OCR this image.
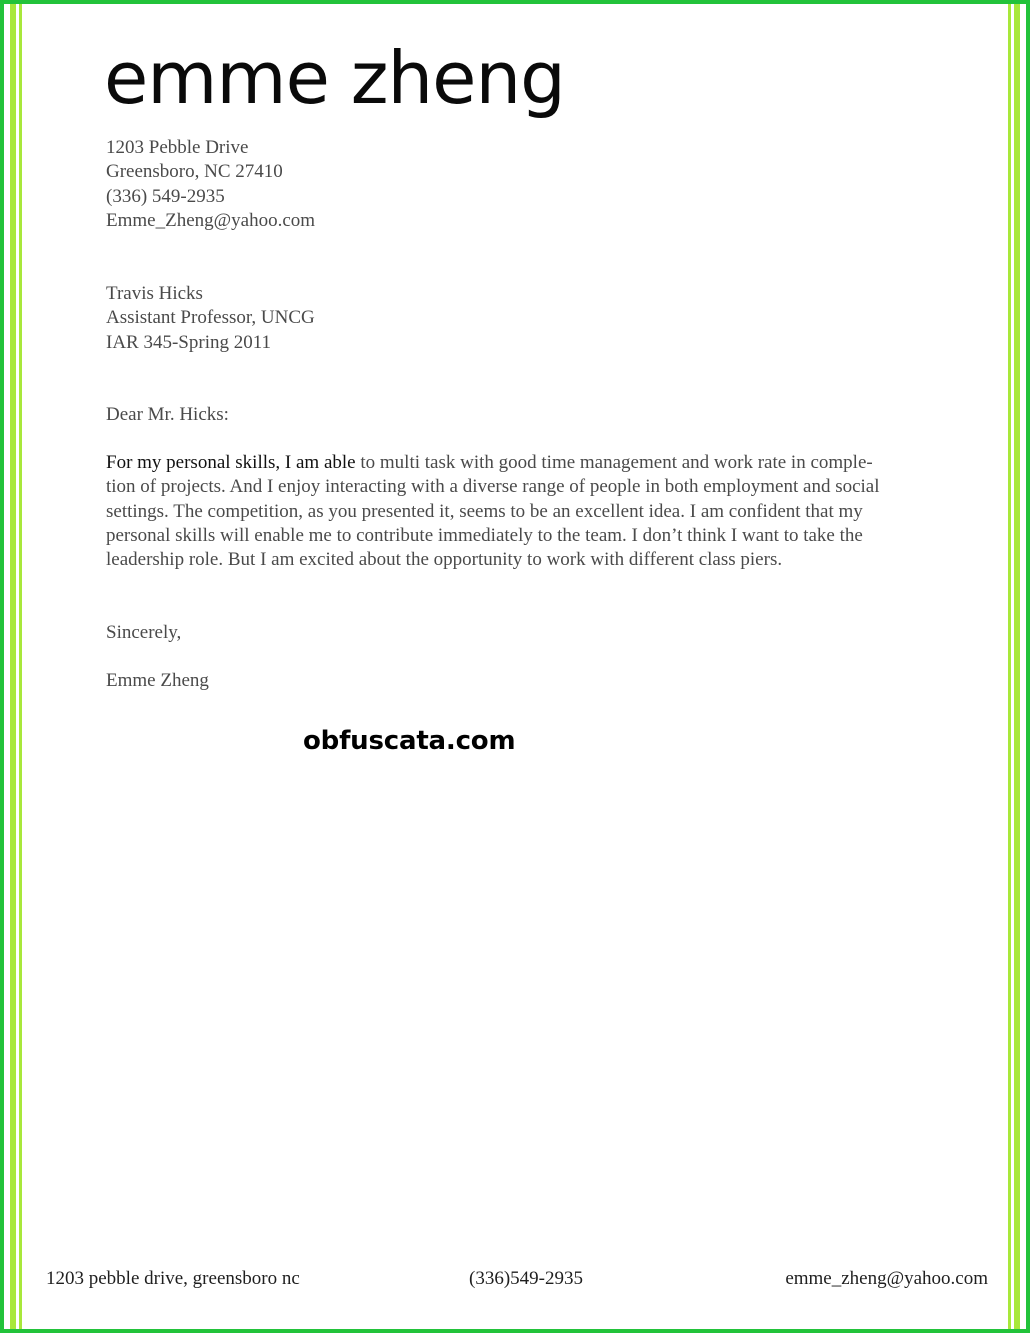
emme zheng
1203 Pebble Drive
Greensboro, NC 27410
(336) 549-2935
Emme_Zheng@yahoo.com
Travis Hicks
Assistant Professor, UNCG
IAR 345-Spring 2011
Dear Mr. Hicks:
For my personal skills, I am able to multi task with good time management and work rate in comple-
tion of projects. And I enjoy interacting with a diverse range of people in both employment and social
settings. The competition, as you presented it, seems to be an excellent idea. I am confident that my
personal skills will enable me to contribute immediately to the team. I don’t think I want to take the
leadership role. But I am excited about the opportunity to work with different class piers.
Sincerely,
Emme Zheng
obfuscata.com
1203 pebble drive, greensboro nc	(336)549-2935	emme_zheng@yahoo.com
